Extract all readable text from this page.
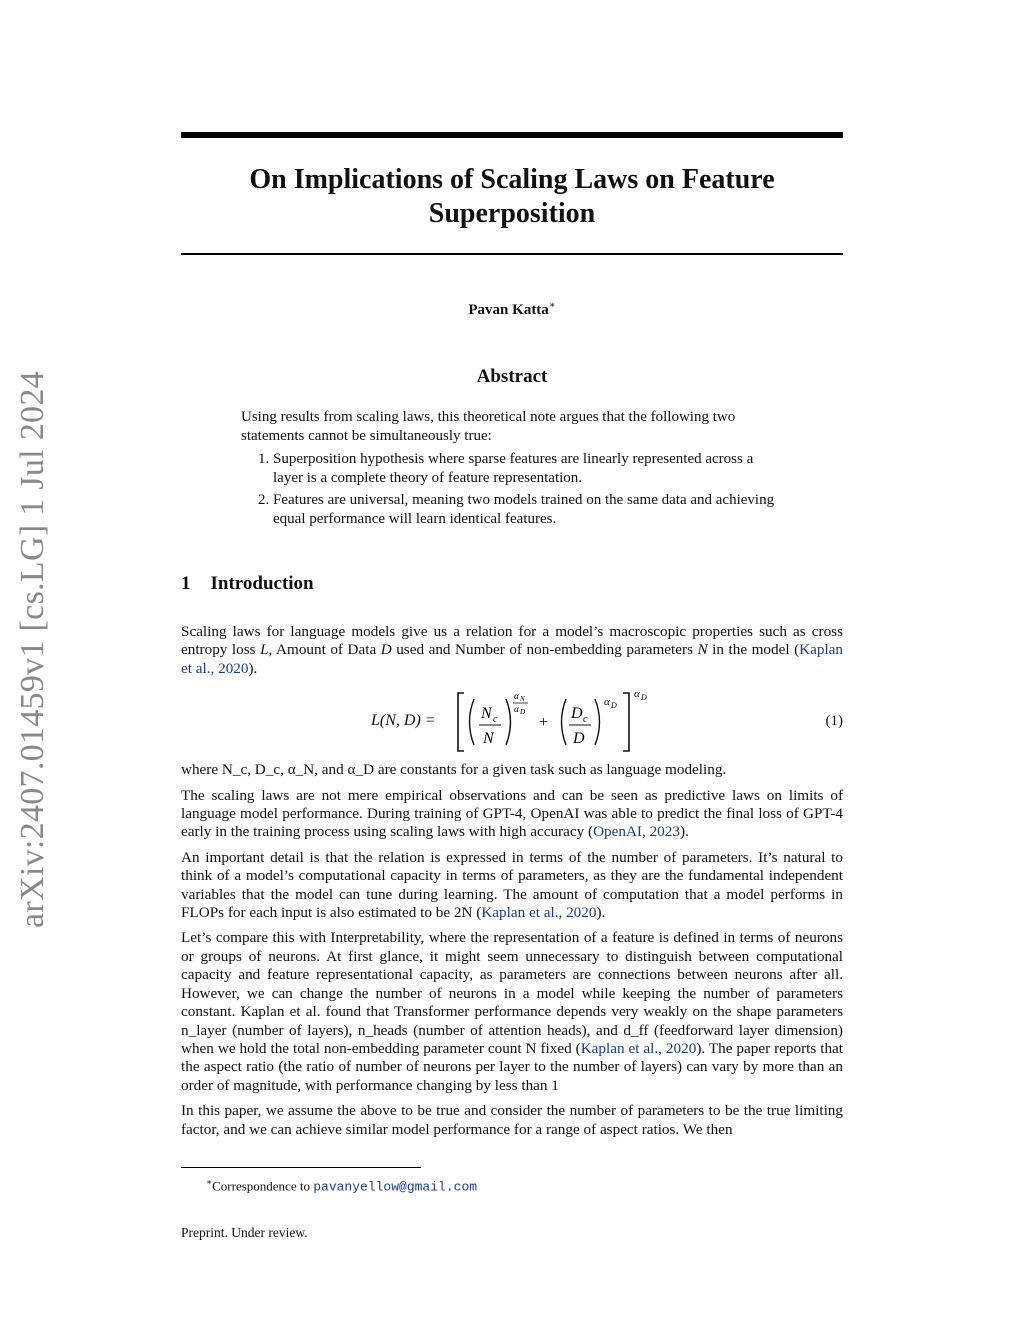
arXiv:2407.01459v1 [cs.LG] 1 Jul 2024
On Implications of Scaling Laws on Feature Superposition
Pavan Katta∗
Abstract

Using results from scaling laws, this theoretical note argues that the following two statements cannot be simultaneously true:

1. Superposition hypothesis where sparse features are linearly represented across a layer is a complete theory of feature representation.
2. Features are universal, meaning two models trained on the same data and achieving equal performance will learn identical features.
1 Introduction

Scaling laws for language models give us a relation for a model’s macroscopic properties such as cross entropy loss L, Amount of Data D used and Number of non-embedding parameters N in the model (Kaplan et al., 2020).

L(N, D) =	N c
N
α N
α D
+
D c
D
α D
α D
(1)

where N_c, D_c, α_N, and α_D are constants for a given task such as language modeling.

The scaling laws are not mere empirical observations and can be seen as predictive laws on limits of language model performance. During training of GPT-4, OpenAI was able to predict the final loss of GPT-4 early in the training process using scaling laws with high accuracy (OpenAI, 2023).

An important detail is that the relation is expressed in terms of the number of parameters. It’s natural to think of a model’s computational capacity in terms of parameters, as they are the fundamental independent variables that the model can tune during learning. The amount of computation that a model performs in FLOPs for each input is also estimated to be 2N (Kaplan et al., 2020).

Let’s compare this with Interpretability, where the representation of a feature is defined in terms of neurons or groups of neurons. At first glance, it might seem unnecessary to distinguish between computational capacity and feature representational capacity, as parameters are connections between neurons after all. However, we can change the number of neurons in a model while keeping the number of parameters constant. Kaplan et al. found that Transformer performance depends very weakly on the shape parameters n_layer (number of layers), n_heads (number of attention heads), and d_ff (feedforward layer dimension) when we hold the total non-embedding parameter count N fixed (Kaplan et al., 2020). The paper reports that the aspect ratio (the ratio of number of neurons per layer to the number of layers) can vary by more than an order of magnitude, with performance changing by less than 1

In this paper, we assume the above to be true and consider the number of parameters to be the true limiting factor, and we can achieve similar model performance for a range of aspect ratios. We then

∗Correspondence to pavanyellow@gmail.com
Preprint. Under review.
